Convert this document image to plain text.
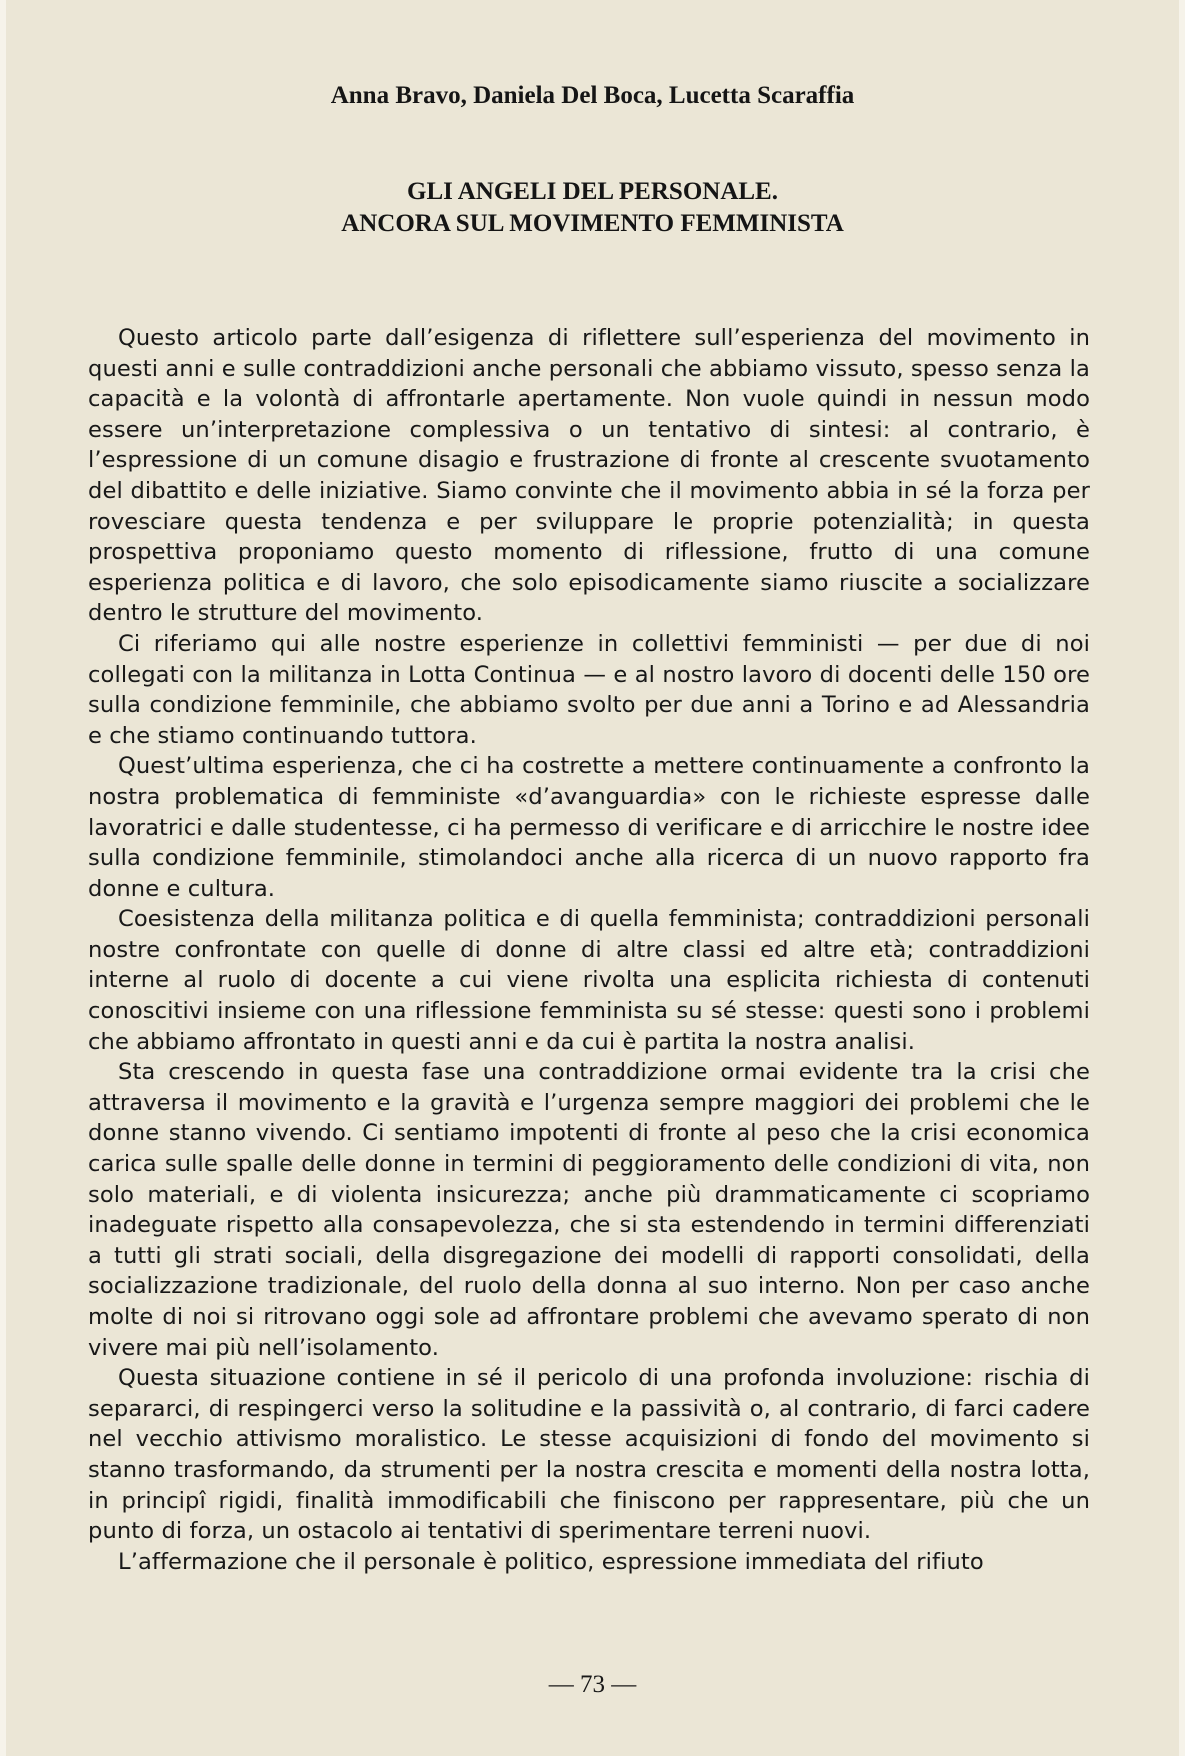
Anna Bravo, Daniela Del Boca, Lucetta Scaraffia
GLI ANGELI DEL PERSONALE.
ANCORA SUL MOVIMENTO FEMMINISTA

Questo articolo parte dall’esigenza di riflettere sull’esperienza del movimento in questi anni e sulle contraddizioni anche personali che abbiamo vissuto, spesso senza la capacità e la volontà di affrontarle apertamente. Non vuole quindi in nessun modo essere un’interpretazione complessiva o un tentativo di sintesi: al contrario, è l’espressione di un comune disagio e frustrazione di fronte al crescente svuotamento del dibattito e delle iniziative. Siamo convinte che il movimento abbia in sé la forza per rovesciare questa tendenza e per sviluppare le proprie potenzialità; in questa prospettiva proponiamo questo momento di riflessione, frutto di una comune esperienza politica e di lavoro, che solo episodicamente siamo riuscite a socializzare dentro le strutture del movimento.

Ci riferiamo qui alle nostre esperienze in collettivi femministi — per due di noi collegati con la militanza in Lotta Continua — e al nostro lavoro di docenti delle 150 ore sulla condizione femminile, che abbiamo svolto per due anni a Torino e ad Alessandria e che stiamo continuando tuttora.

Quest’ultima esperienza, che ci ha costrette a mettere continuamente a confronto la nostra problematica di femministe «d’avanguardia» con le richieste espresse dalle lavoratrici e dalle studentesse, ci ha permesso di verificare e di arricchire le nostre idee sulla condizione femminile, stimolandoci anche alla ricerca di un nuovo rapporto fra donne e cultura.

Coesistenza della militanza politica e di quella femminista; contraddizioni personali nostre confrontate con quelle di donne di altre classi ed altre età; contraddizioni interne al ruolo di docente a cui viene rivolta una esplicita richiesta di contenuti conoscitivi insieme con una riflessione femminista su sé stesse: questi sono i problemi che abbiamo affrontato in questi anni e da cui è partita la nostra analisi.

Sta crescendo in questa fase una contraddizione ormai evidente tra la crisi che attraversa il movimento e la gravità e l’urgenza sempre maggiori dei problemi che le donne stanno vivendo. Ci sentiamo impotenti di fronte al peso che la crisi economica carica sulle spalle delle donne in termini di peggioramento delle condizioni di vita, non solo materiali, e di violenta insicurezza; anche più drammaticamente ci scopriamo inadeguate rispetto alla consapevolezza, che si sta estendendo in termini differenziati a tutti gli strati sociali, della disgregazione dei modelli di rapporti consolidati, della socializzazione tradizionale, del ruolo della donna al suo interno. Non per caso anche molte di noi si ritrovano oggi sole ad affrontare problemi che avevamo sperato di non vivere mai più nell’isolamento.

Questa situazione contiene in sé il pericolo di una profonda involuzione: rischia di separarci, di respingerci verso la solitudine e la passività o, al contrario, di farci cadere nel vecchio attivismo moralistico. Le stesse acquisizioni di fondo del movimento si stanno trasformando, da strumenti per la nostra crescita e momenti della nostra lotta, in principî rigidi, finalità immodificabili che finiscono per rappresentare, più che un punto di forza, un ostacolo ai tentativi di sperimentare terreni nuovi.

L’affermazione che il personale è politico, espressione immediata del rifiuto

— 73 —
